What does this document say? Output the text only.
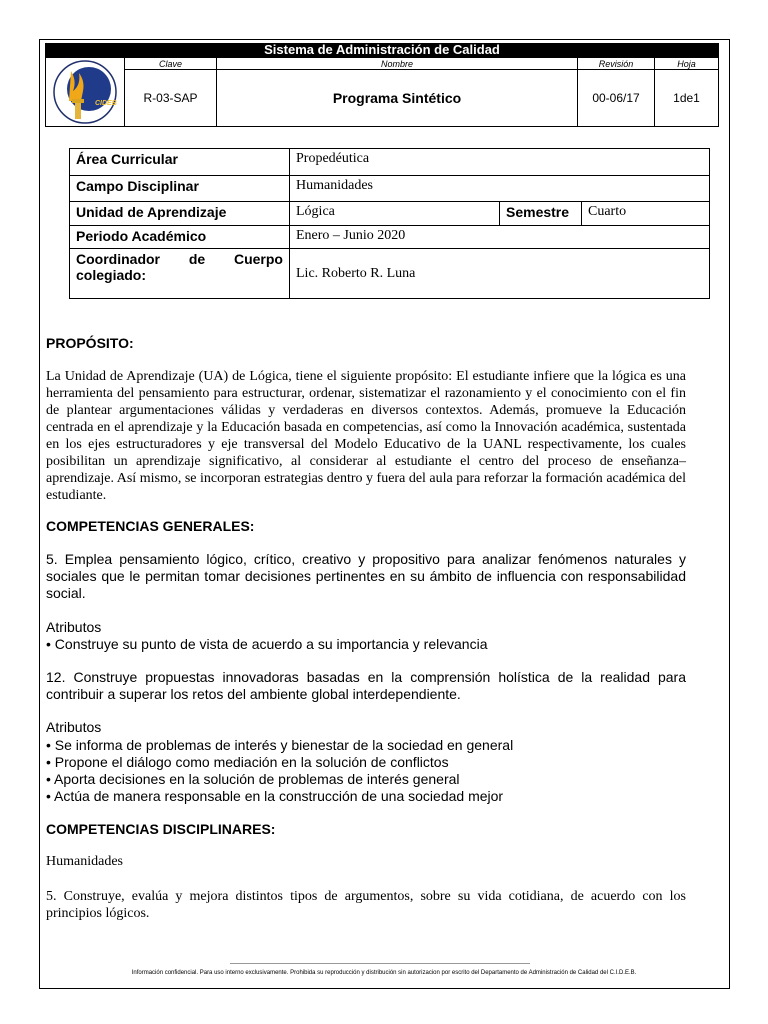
Sistema de Administración de Calidad
CIDEB	Clave	Nombre	Revisión	Hoja
	R-03-SAP	Programa Sintético	00-06/17	1de1
Área Curricular	Propedéutica		
Campo Disciplinar	Humanidades		
Unidad de Aprendizaje	Lógica	Semestre	Cuarto
Periodo Académico	Enero – Junio 2020		
Coordinador de Cuerpo colegiado:	Lic. Roberto R. Luna		
PROPÓSITO:

La Unidad de Aprendizaje (UA) de Lógica, tiene el siguiente propósito: El estudiante infiere que la lógica es una herramienta del pensamiento para estructurar, ordenar, sistematizar el razonamiento y el conocimiento con el fin de plantear argumentaciones válidas y verdaderas en diversos contextos. Además, promueve la Educación centrada en el aprendizaje y la Educación basada en competencias, así como la Innovación académica, sustentada en los ejes estructuradores y eje transversal del Modelo Educativo de la UANL respectivamente, los cuales posibilitan un aprendizaje significativo, al considerar al estudiante el centro del proceso de enseñanza–aprendizaje. Así mismo, se incorporan estrategias dentro y fuera del aula para reforzar la formación académica del estudiante.

COMPETENCIAS GENERALES:

5. Emplea pensamiento lógico, crítico, creativo y propositivo para analizar fenómenos naturales y sociales que le permitan tomar decisiones pertinentes en su ámbito de influencia con responsabilidad social.

Atributos
• Construye su punto de vista de acuerdo a su importancia y relevancia

12. Construye propuestas innovadoras basadas en la comprensión holística de la realidad para contribuir a superar los retos del ambiente global interdependiente.

Atributos
• Se informa de problemas de interés y bienestar de la sociedad en general
• Propone el diálogo como mediación en la solución de conflictos
• Aporta decisiones en la solución de problemas de interés general
• Actúa de manera responsable en la construcción de una sociedad mejor
COMPETENCIAS DISCIPLINARES:
Humanidades

5. Construye, evalúa y mejora distintos tipos de argumentos, sobre su vida cotidiana, de acuerdo con los principios lógicos.

Información confidencial. Para uso interno exclusivamente. Prohibida su reproducción y distribución sin autorizacion por escrito del Departamento de Administración de Calidad del C.I.D.E.B.
